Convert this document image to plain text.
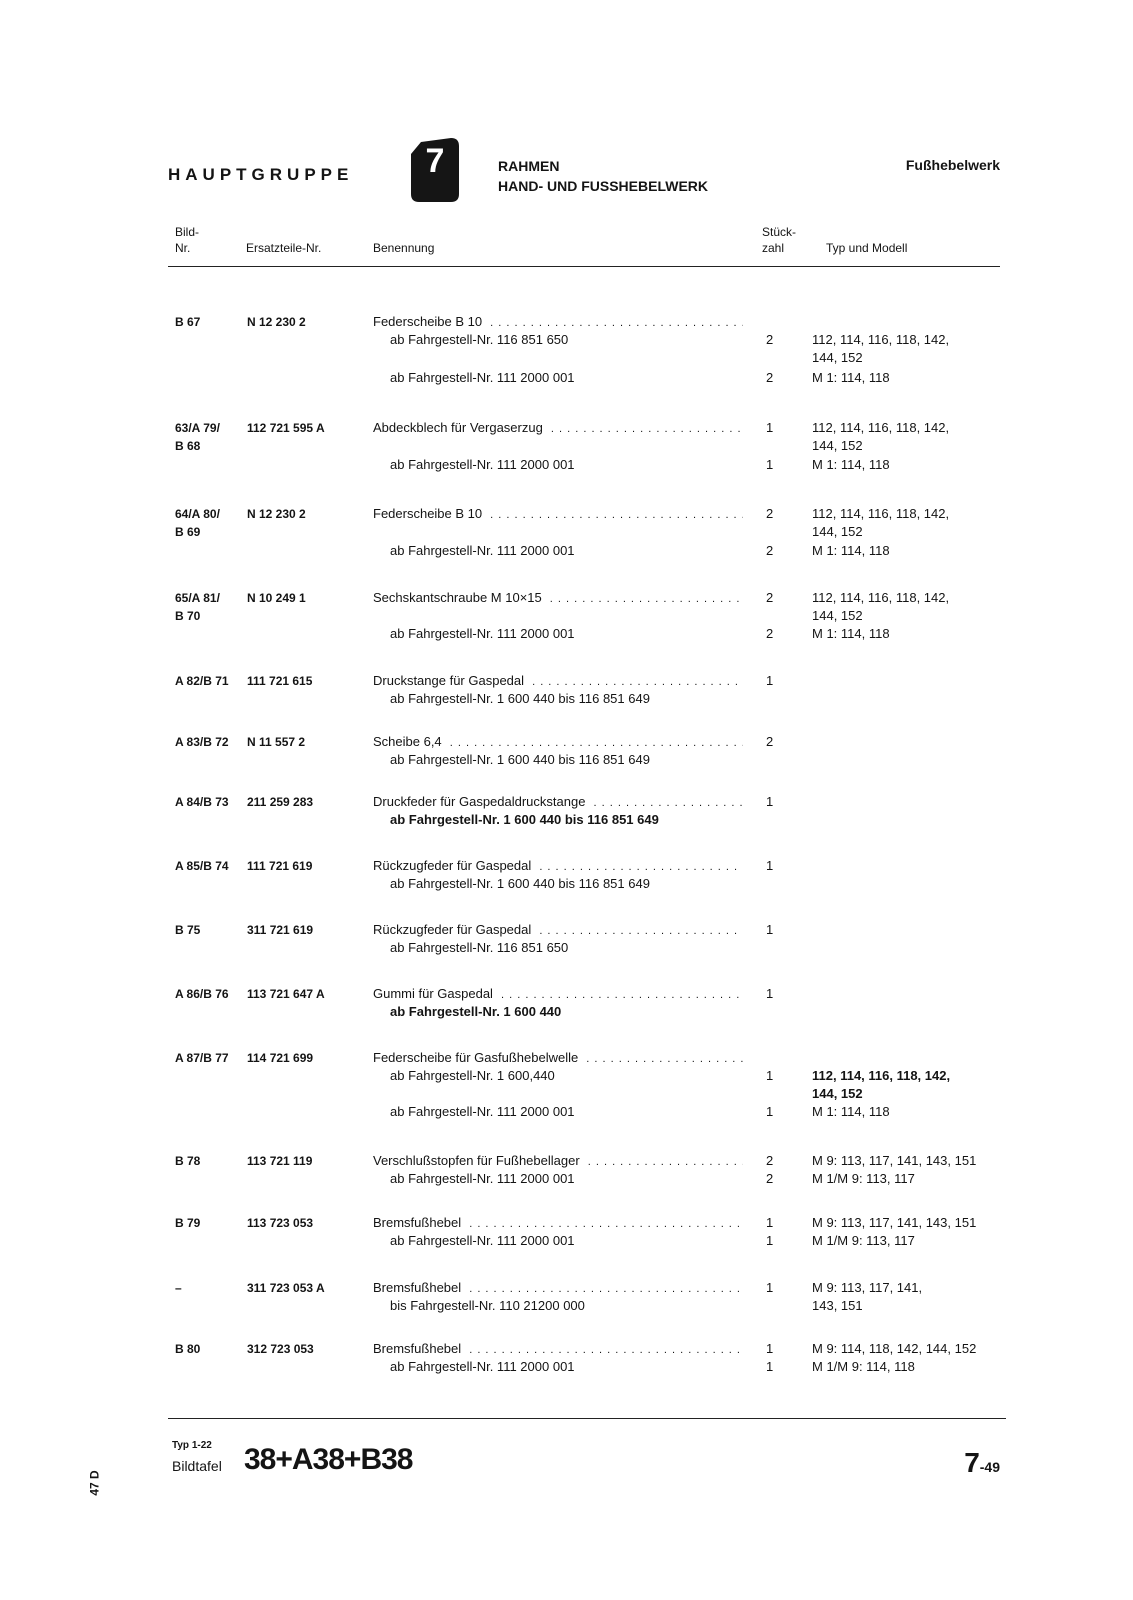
HAUPTGRUPPE	7	RAHMEN
HAND- UND FUSSHEBELWERK
Fußhebelwerk
Bild-
Nr.	Ersatzteile-Nr.	Benennung
Stück-
zahl	Typ und Modell
B 67	N 12 230 2	Federscheibe B 10 . . .
ab Fahrgestell-Nr. 116 851 650	2	112, 114, 116, 118, 142,
144, 152
ab Fahrgestell-Nr. 111 2000 001	2	M 1: 114, 118
63/A 79/	112 721 595 A	Abdeckblech für Vergaserzug . . .	1	112, 114, 116, 118, 142,
B 68	144, 152
ab Fahrgestell-Nr. 111 2000 001	1	M 1: 114, 118
64/A 80/	N 12 230 2	Federscheibe B 10 . . .	2	112, 114, 116, 118, 142,
B 69	144, 152
ab Fahrgestell-Nr. 111 2000 001	2	M 1: 114, 118
65/A 81/	N 10 249 1	Sechskantschraube M 10×15 . . .	2	112, 114, 116, 118, 142,
B 70	144, 152
ab Fahrgestell-Nr. 111 2000 001	2	M 1: 114, 118
A 82/B 71	111 721 615	Druckstange für Gaspedal . . .	1
ab Fahrgestell-Nr. 1 600 440 bis 116 851 649
A 83/B 72	N 11 557 2	Scheibe 6,4 . . .	2
ab Fahrgestell-Nr. 1 600 440 bis 116 851 649
A 84/B 73	211 259 283	Druckfeder für Gaspedaldruckstange . . .	1
ab Fahrgestell-Nr. 1 600 440 bis 116 851 649
A 85/B 74	111 721 619	Rückzugfeder für Gaspedal . . .	1
ab Fahrgestell-Nr. 1 600 440 bis 116 851 649
B 75	311 721 619	Rückzugfeder für Gaspedal . . .	1
ab Fahrgestell-Nr. 116 851 650
A 86/B 76	113 721 647 A	Gummi für Gaspedal . . .	1
ab Fahrgestell-Nr. 1 600 440
A 87/B 77	114 721 699	Federscheibe für Gasfußhebelwelle . . .
ab Fahrgestell-Nr. 1 600,440	1	112, 114, 116, 118, 142,
144, 152
ab Fahrgestell-Nr. 111 2000 001	1	M 1: 114, 118
B 78	113 721 119	Verschlußstopfen für Fußhebellager . . .	2	M 9: 113, 117, 141, 143, 151
ab Fahrgestell-Nr. 111 2000 001	2	M 1/M 9: 113, 117
B 79	113 723 053	Bremsfußhebel . . .	1	M 9: 113, 117, 141, 143, 151
ab Fahrgestell-Nr. 111 2000 001	1	M 1/M 9: 113, 117
–	311 723 053 A	Bremsfußhebel . . .	1	M 9: 113, 117, 141,
bis Fahrgestell-Nr. 110 21200 000	143, 151
B 80	312 723 053	Bremsfußhebel . . .	1	M 9: 114, 118, 142, 144, 152
ab Fahrgestell-Nr. 111 2000 001	1	M 1/M 9: 114, 118
Typ 1-22
Bildtafel 38+A38+B38	7-49
47 D
